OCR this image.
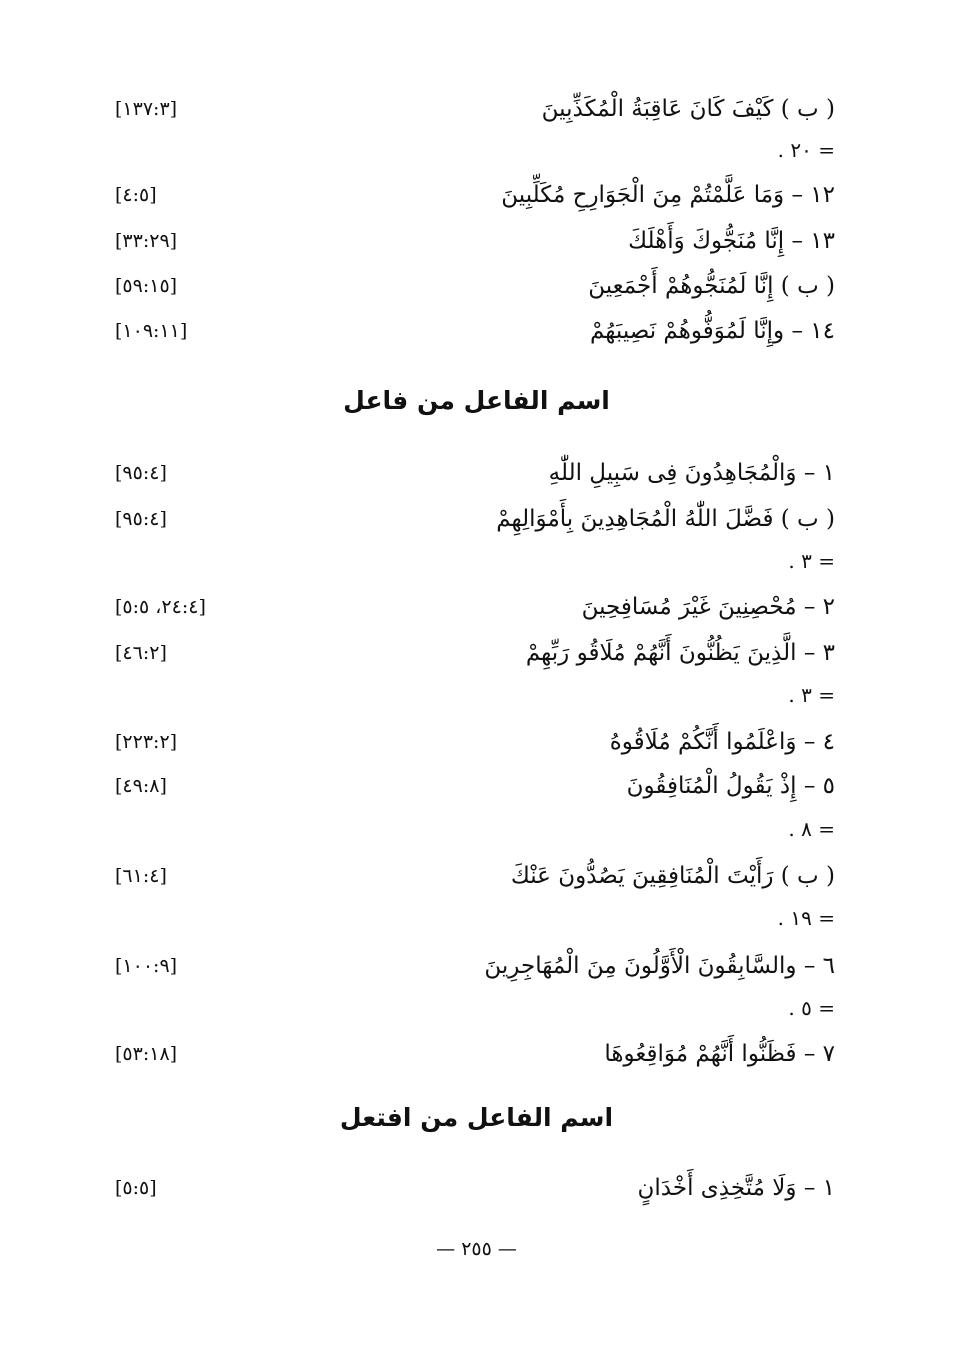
( ب ) كَيْفَ كَانَ عَاقِبَةُ الْمُكَذِّبِينَ
[١٣٧:٣]
= ٢٠ .
١٢ – وَمَا عَلَّمْتُمْ مِنَ الْجَوَارِحِ مُكَلِّبِينَ
[٤:٥]
١٣ – إِنَّا مُنَجُّوكَ وَأَهْلَكَ
[٣٣:٢٩]
( ب ) إِنَّا لَمُنَجُّوهُمْ أَجْمَعِينَ
[٥٩:١٥]
١٤ – وإِنَّا لَمُوَفُّوهُمْ نَصِيبَهُمْ
[١٠٩:١١]
اسم الفاعل من فاعل
١ – وَالْمُجَاهِدُونَ فِى سَبِيلِ اللّٰهِ
[٩٥:٤]
( ب ) فَضَّلَ اللّٰهُ الْمُجَاهِدِينَ بِأَمْوَالِهِمْ
[٩٥:٤]
= ٣ .
٢ – مُحْصِنِينَ غَيْرَ مُسَافِحِينَ
[٢٤:٤، ٥:٥]
٣ – الَّذِينَ يَظُنُّونَ أَنَّهُمْ مُلَاقُو رَبِّهِمْ
[٤٦:٢]
= ٣ .
٤ – وَاعْلَمُوا أَنَّكُمْ مُلَاقُوهُ
[٢٢٣:٢]
٥ – إِذْ يَقُولُ الْمُنَافِقُونَ
[٤٩:٨]
= ٨ .
( ب ) رَأَيْتَ الْمُنَافِقِينَ يَصُدُّونَ عَنْكَ
[٦١:٤]
= ١٩ .
٦ – والسَّابِقُونَ الْأَوَّلُونَ مِنَ الْمُهَاجِرِينَ
[١٠٠:٩]
= ٥ .
٧ – فَظَنُّوا أَنَّهُمْ مُوَاقِعُوهَا
[٥٣:١٨]
اسم الفاعل من افتعل
١ – وَلَا مُتَّخِذِى أَخْدَانٍ
[٥:٥]
— ٢٥٥ —
